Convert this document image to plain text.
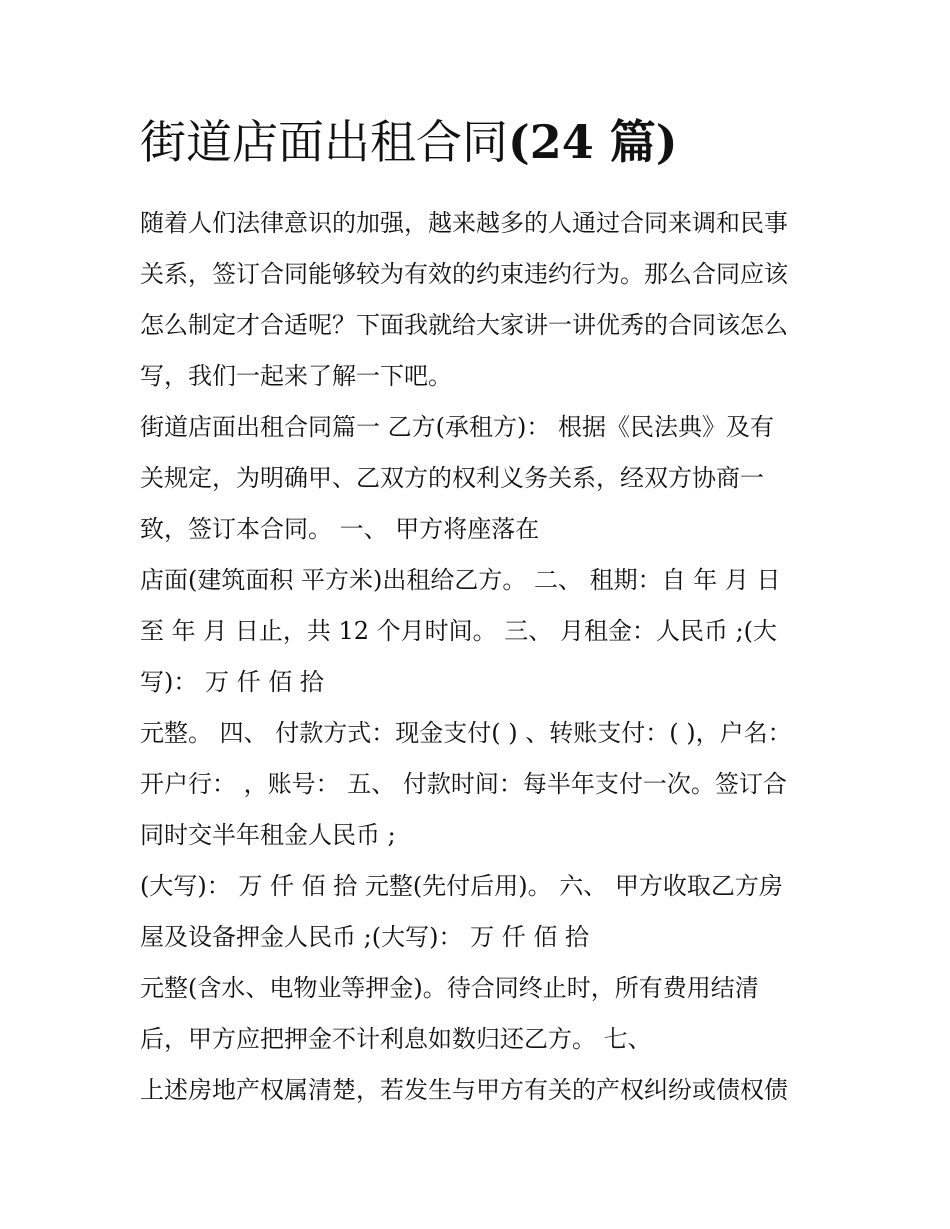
街道店面出租合同(24 篇)
随着人们法律意识的加强，越来越多的人通过合同来调和民事
关系，签订合同能够较为有效的约束违约行为。那么合同应该
怎么制定才合适呢？下面我就给大家讲一讲优秀的合同该怎么
写，我们一起来了解一下吧。
街道店面出租合同篇一 乙方(承租方)： 根据《民法典》及有
关规定，为明确甲、乙双方的权利义务关系，经双方协商一
致，签订本合同。 一、 甲方将座落在
店面(建筑面积 平方米)出租给乙方。 二、 租期：自 年 月 日
至 年 月 日止，共 12 个月时间。 三、 月租金：人民币 ;(大
写)： 万 仟 佰 拾
元整。 四、 付款方式：现金支付( ) 、转账支付：( )，户名：
开户行： ，账号： 五、 付款时间：每半年支付一次。签订合
同时交半年租金人民币 ;
(大写)： 万 仟 佰 拾 元整(先付后用)。 六、 甲方收取乙方房
屋及设备押金人民币 ;(大写)： 万 仟 佰 拾
元整(含水、电物业等押金)。待合同终止时，所有费用结清
后，甲方应把押金不计利息如数归还乙方。 七、
上述房地产权属清楚，若发生与甲方有关的产权纠纷或债权债
